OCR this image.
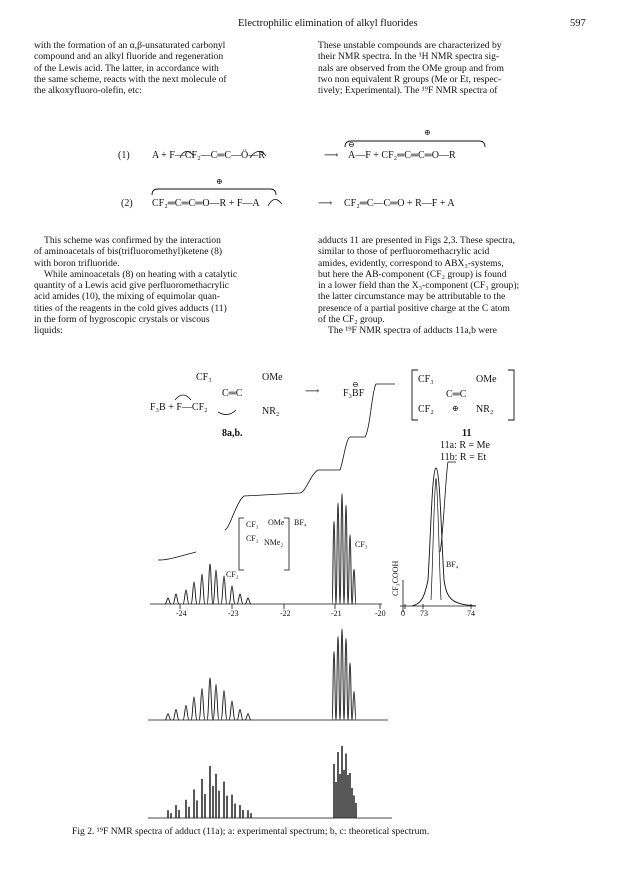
Electrophilic elimination of alkyl fluorides	597

with the formation of an α,β-unsaturated carbonyl

compound and an alkyl fluoride and regeneration

of the Lewis acid. The latter, in accordance with

the same scheme, reacts with the next molecule of

the alkoxyfluoro-olefin, etc:

These unstable compounds are characterized by

their NMR spectra. In the ¹H NMR spectra sig-

nals are observed from the OMe group and from

two non equivalent R groups (Me or Et, respec-

tively; Experimental). The ¹⁹F NMR spectra of

(1) A + F—CF₂—C═C—Ö—R	⟶ A—F + CF₂═C═C═O—R
(2) CF₂═C═C═O—R + F—A	⟶ CF₂═C—C═O + R—F + A
⊕
⊕
⊖

This scheme was confirmed by the interaction

of aminoacetals of bis(trifluoromethyl)ketene (8)

with boron trifluoride.

While aminoacetals (8) on heating with a catalytic

quantity of a Lewis acid give perfluoromethacrylic

acid amides (10), the mixing of equimolar quan-

tities of the reagents in the cold gives adducts (11)

in the form of hygroscopic crystals or viscous

liquids:

adducts 11 are presented in Figs 2,3. These spectra,

similar to those of perfluoromethacrylic acid

amides, evidently, correspond to ABX₃-systems,

but here the AB-component (CF₂ group) is found

in a lower field than the X₃-component (CF₃ group);

the latter circumstance may be attributable to the

presence of a partial positive charge at the C atom

of the CF₂ group.

The ¹⁹F NMR spectra of adducts 11a,b were

CF₃	OMe
C═C
F₃B + F—CF₂	NR₂
8a,b.
⟶
⊖
F₃BF
CF₃	OMe
C═C
CF₂ ⊕ NR₂
11
11a: R = Me
11b: R = Et
CF₃ OMe
CF₂ NMe₂
BF₄
CF₂
CF₃
BF₄
CF₃COOH
-24	-23	-22	-21	-20 0 73	74
Fig 2. ¹⁹F NMR spectra of adduct (11a); a: experimental spectrum; b, c: theoretical spectrum.
